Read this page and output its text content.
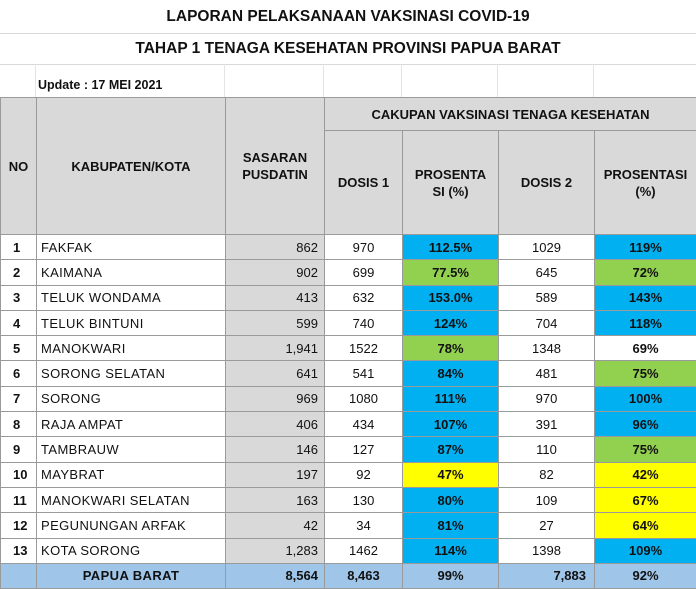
LAPORAN PELAKSANAAN VAKSINASI COVID-19
TAHAP 1 TENAGA KESEHATAN PROVINSI PAPUA BARAT
Update : 17 MEI 2021
NO	KABUPATEN/KOTA	SASARAN PUSDATIN	CAKUPAN VAKSINASI TENAGA KESEHATAN			
			DOSIS 1	PROSENTA SI (%)	DOSIS 2	PROSENTASI (%)
1	FAKFAK	862	970	112.5%	1029	119%
2	KAIMANA	902	699	77.5%	645	72%
3	TELUK WONDAMA	413	632	153.0%	589	143%
4	TELUK BINTUNI	599	740	124%	704	118%
5	MANOKWARI	1,941	1522	78%	1348	69%
6	SORONG SELATAN	641	541	84%	481	75%
7	SORONG	969	1080	111%	970	100%
8	RAJA AMPAT	406	434	107%	391	96%
9	TAMBRAUW	146	127	87%	110	75%
10	MAYBRAT	197	92	47%	82	42%
11	MANOKWARI SELATAN	163	130	80%	109	67%
12	PEGUNUNGAN ARFAK	42	34	81%	27	64%
13	KOTA SORONG	1,283	1462	114%	1398	109%
	PAPUA BARAT	8,564	8,463	99%	7,883	92%
